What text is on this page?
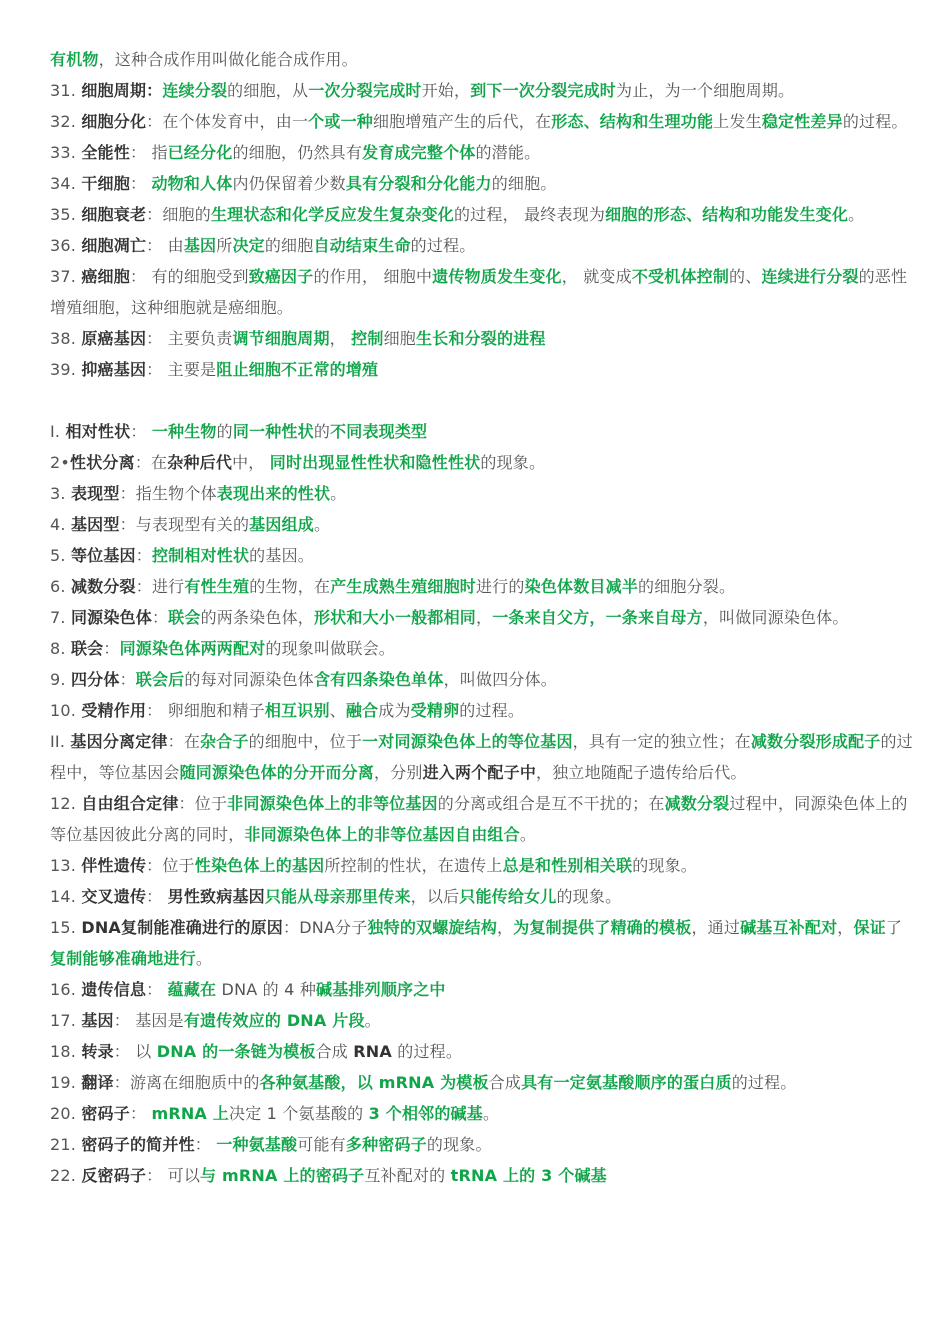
有机物，这种合成作用叫做化能合成作用。

31. 细胞周期：连续分裂的细胞，从一次分裂完成时开始，到下一次分裂完成时为止，为一个细胞周期。

32. 细胞分化：在个体发育中，由一个或一种细胞增殖产生的后代，在形态、结构和生理功能上发生稳定性差异的过程。

33. 全能性： 指已经分化的细胞，仍然具有发育成完整个体的潜能。

34. 干细胞： 动物和人体内仍保留着少数具有分裂和分化能力的细胞。

35. 细胞衰老：细胞的生理状态和化学反应发生复杂变化的过程， 最终表现为细胞的形态、结构和功能发生变化。

36. 细胞凋亡： 由基因所决定的细胞自动结束生命的过程。

37. 癌细胞： 有的细胞受到致癌因子的作用， 细胞中遗传物质发生变化， 就变成不受机体控制的、连续进行分裂的恶性增殖细胞，这种细胞就是癌细胞。

38. 原癌基因： 主要负责调节细胞周期， 控制细胞生长和分裂的进程

39. 抑癌基因： 主要是阻止细胞不正常的增殖

I. 相对性状： 一种生物的同一种性状的不同表现类型

2•性状分离：在杂种后代中， 同时出现显性性状和隐性性状的现象。

3. 表现型：指生物个体表现出来的性状。

4. 基因型：与表现型有关的基因组成。

5. 等位基因：控制相对性状的基因。

6. 减数分裂：进行有性生殖的生物，在产生成熟生殖细胞时进行的染色体数目减半的细胞分裂。

7. 同源染色体：联会的两条染色体，形状和大小一般都相同，一条来自父方，一条来自母方，叫做同源染色体。

8. 联会：同源染色体两两配对的现象叫做联会。

9. 四分体：联会后的每对同源染色体含有四条染色单体，叫做四分体。

10. 受精作用： 卵细胞和精子相互识别、融合成为受精卵的过程。

II. 基因分离定律：在杂合子的细胞中，位于一对同源染色体上的等位基因，具有一定的独立性；在减数分裂形成配子的过程中，等位基因会随同源染色体的分开而分离，分别进入两个配子中，独立地随配子遗传给后代。

12. 自由组合定律：位于非同源染色体上的非等位基因的分离或组合是互不干扰的；在减数分裂过程中，同源染色体上的等位基因彼此分离的同时，非同源染色体上的非等位基因自由组合。

13. 伴性遗传：位于性染色体上的基因所控制的性状，在遗传上总是和性别相关联的现象。

14. 交叉遗传： 男性致病基因只能从母亲那里传来，以后只能传给女儿的现象。

15. DNA复制能准确进行的原因：DNA分子独特的双螺旋结构，为复制提供了精确的模板，通过碱基互补配对，保证了复制能够准确地进行。

16. 遗传信息： 蕴藏在 DNA 的 4 种碱基排列顺序之中

17. 基因： 基因是有遗传效应的 DNA 片段。

18. 转录： 以 DNA 的一条链为模板合成 RNA 的过程。

19. 翻译：游离在细胞质中的各种氨基酸，以 mRNA 为模板合成具有一定氨基酸顺序的蛋白质的过程。

20. 密码子： mRNA 上决定 1 个氨基酸的 3 个相邻的碱基。

21. 密码子的简并性： 一种氨基酸可能有多种密码子的现象。

22. 反密码子： 可以与 mRNA 上的密码子互补配对的 tRNA 上的 3 个碱基
